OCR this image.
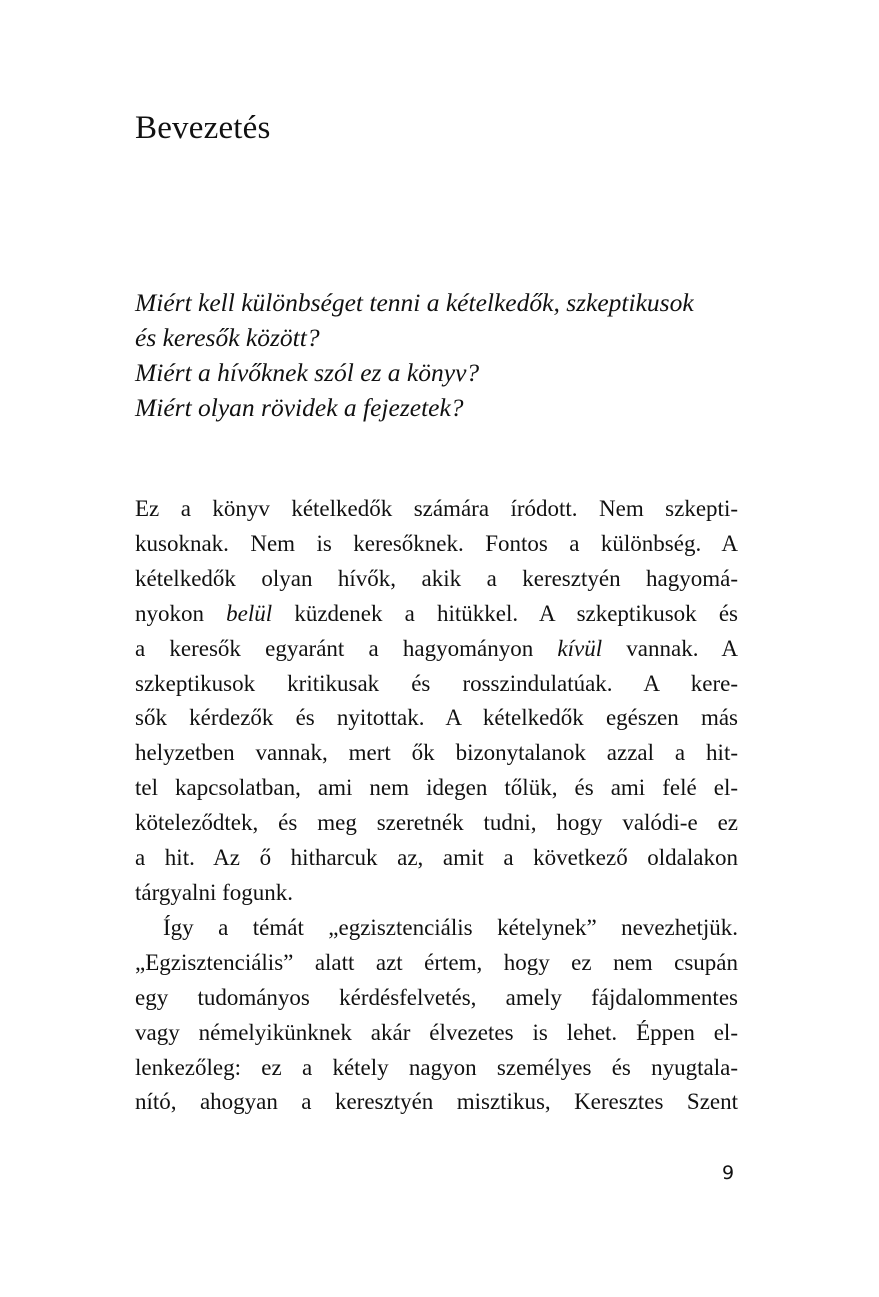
Bevezetés

Miért kell különbséget tenni a kételkedők, szkeptikusok

és keresők között?

Miért a hívőknek szól ez a könyv?

Miért olyan rövidek a fejezetek?

Ez a könyv kételkedők számára íródott. Nem szkepti-
kusoknak. Nem is keresőknek. Fontos a különbség. A
kételkedők olyan hívők, akik a keresztyén hagyomá-
nyokon belül küzdenek a hitükkel. A szkeptikusok és
a keresők egyaránt a hagyományon kívül vannak. A
szkeptikusok kritikusak és rosszindulatúak. A kere-
sők kérdezők és nyitottak. A kételkedők egészen más
helyzetben vannak, mert ők bizonytalanok azzal a hit-
tel kapcsolatban, ami nem idegen tőlük, és ami felé el-
köteleződtek, és meg szeretnék tudni, hogy valódi-e ez
a hit. Az ő hitharcuk az, amit a következő oldalakon
tárgyalni fogunk.

Így a témát „egzisztenciális kételynek” nevezhetjük.
„Egzisztenciális” alatt azt értem, hogy ez nem csupán
egy tudományos kérdésfelvetés, amely fájdalommentes
vagy némelyikünknek akár élvezetes is lehet. Éppen el-
lenkezőleg: ez a kétely nagyon személyes és nyugtala-
nító, ahogyan a keresztyén misztikus, Keresztes Szent

9
